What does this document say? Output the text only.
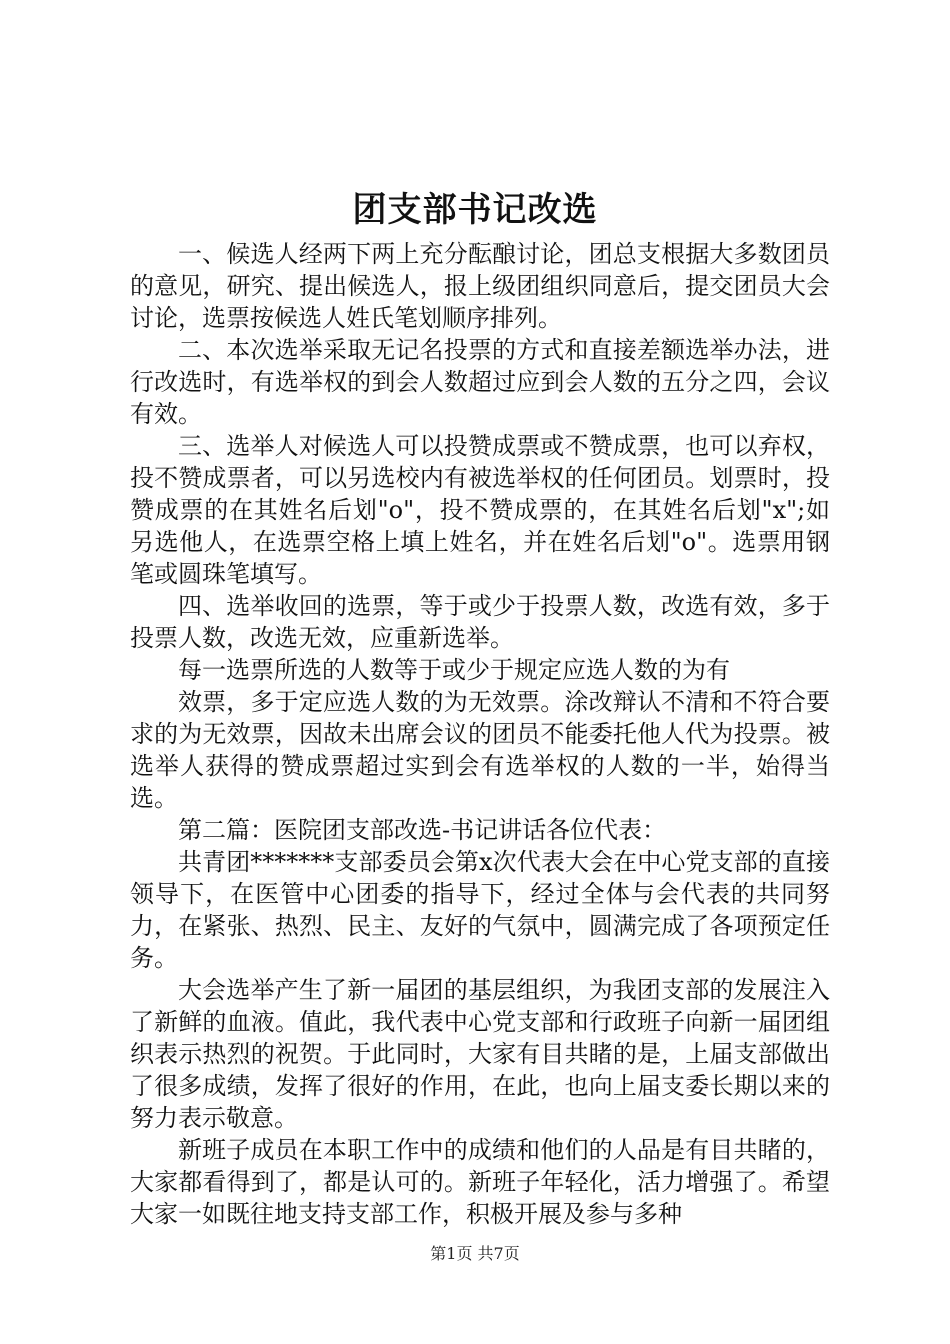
团支部书记改选

一、候选人经两下两上充分酝酿讨论，团总支根据大多数团员的意见，研究、提出候选人，报上级团组织同意后，提交团员大会讨论，选票按候选人姓氏笔划顺序排列。

二、本次选举采取无记名投票的方式和直接差额选举办法，进行改选时，有选举权的到会人数超过应到会人数的五分之四，会议有效。

三、选举人对候选人可以投赞成票或不赞成票，也可以弃权，投不赞成票者，可以另选校内有被选举权的任何团员。划票时，投赞成票的在其姓名后划"o"，投不赞成票的，在其姓名后划"x";如另选他人，在选票空格上填上姓名，并在姓名后划"o"。选票用钢笔或圆珠笔填写。

四、选举收回的选票，等于或少于投票人数，改选有效，多于投票人数，改选无效，应重新选举。

每一选票所选的人数等于或少于规定应选人数的为有

效票，多于定应选人数的为无效票。涂改辩认不清和不符合要求的为无效票，因故未出席会议的团员不能委托他人代为投票。被选举人获得的赞成票超过实到会有选举权的人数的一半，始得当选。

第二篇：医院团支部改选-书记讲话各位代表：

共青团*******支部委员会第x次代表大会在中心党支部的直接领导下，在医管中心团委的指导下，经过全体与会代表的共同努力，在紧张、热烈、民主、友好的气氛中，圆满完成了各项预定任务。

大会选举产生了新一届团的基层组织，为我团支部的发展注入了新鲜的血液。值此，我代表中心党支部和行政班子向新一届团组织表示热烈的祝贺。于此同时，大家有目共睹的是，上届支部做出了很多成绩，发挥了很好的作用，在此，也向上届支委长期以来的努力表示敬意。

新班子成员在本职工作中的成绩和他们的人品是有目共睹的，大家都看得到了，都是认可的。新班子年轻化，活力增强了。希望大家一如既往地支持支部工作，积极开展及参与多种

第1页 共7页
